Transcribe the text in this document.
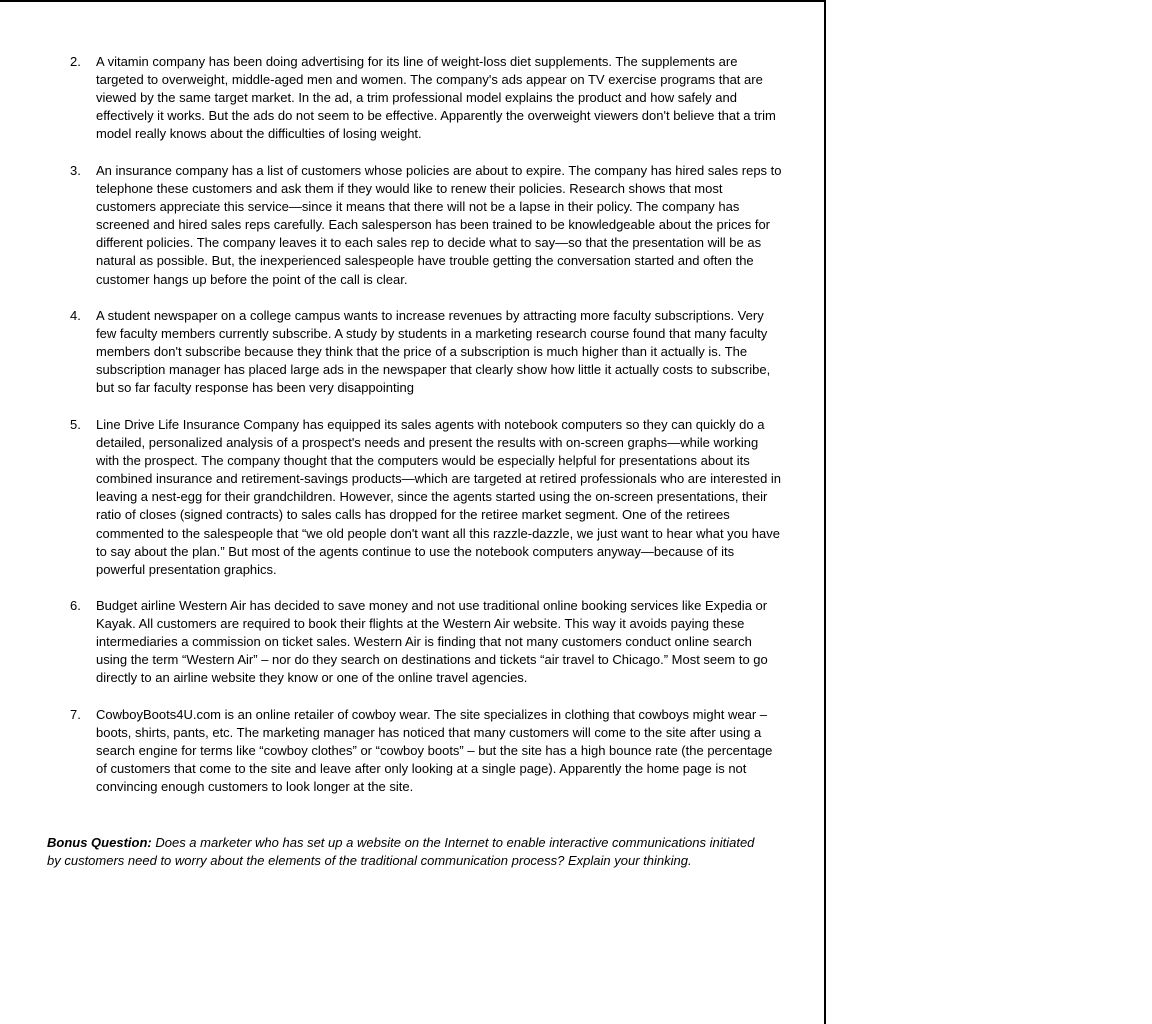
2.	A vitamin company has been doing advertising for its line of weight-loss diet supplements. The supplements are targeted to overweight, middle-aged men and women. The company's ads appear on TV exercise programs that are viewed by the same target market. In the ad, a trim professional model explains the product and how safely and effectively it works. But the ads do not seem to be effective. Apparently the overweight viewers don't believe that a trim model really knows about the difficulties of losing weight.
3.	An insurance company has a list of customers whose policies are about to expire. The company has hired sales reps to telephone these customers and ask them if they would like to renew their policies. Research shows that most customers appreciate this service—since it means that there will not be a lapse in their policy. The company has screened and hired sales reps carefully. Each salesperson has been trained to be knowledgeable about the prices for different policies. The company leaves it to each sales rep to decide what to say—so that the presentation will be as natural as possible. But, the inexperienced salespeople have trouble getting the conversation started and often the customer hangs up before the point of the call is clear.
4.	A student newspaper on a college campus wants to increase revenues by attracting more faculty subscriptions. Very few faculty members currently subscribe. A study by students in a marketing research course found that many faculty members don't subscribe because they think that the price of a subscription is much higher than it actually is. The subscription manager has placed large ads in the newspaper that clearly show how little it actually costs to subscribe, but so far faculty response has been very disappointing
5.	Line Drive Life Insurance Company has equipped its sales agents with notebook computers so they can quickly do a detailed, personalized analysis of a prospect's needs and present the results with on-screen graphs—while working with the prospect. The company thought that the computers would be especially helpful for presentations about its combined insurance and retirement-savings products—which are targeted at retired professionals who are interested in leaving a nest-egg for their grandchildren. However, since the agents started using the on-screen presentations, their ratio of closes (signed contracts) to sales calls has dropped for the retiree market segment. One of the retirees commented to the salespeople that “we old people don't want all this razzle-dazzle, we just want to hear what you have to say about the plan.” But most of the agents continue to use the notebook computers anyway—because of its powerful presentation graphics.
6.	Budget airline Western Air has decided to save money and not use traditional online booking services like Expedia or Kayak. All customers are required to book their flights at the Western Air website. This way it avoids paying these intermediaries a commission on ticket sales. Western Air is finding that not many customers conduct online search using the term “Western Air” – nor do they search on destinations and tickets “air travel to Chicago.” Most seem to go directly to an airline website they know or one of the online travel agencies.
7.	CowboyBoots4U.com is an online retailer of cowboy wear. The site specializes in clothing that cowboys might wear – boots, shirts, pants, etc. The marketing manager has noticed that many customers will come to the site after using a search engine for terms like “cowboy clothes” or “cowboy boots” – but the site has a high bounce rate (the percentage of customers that come to the site and leave after only looking at a single page). Apparently the home page is not convincing enough customers to look longer at the site.
Bonus Question: Does a marketer who has set up a website on the Internet to enable interactive communications initiated by customers need to worry about the elements of the traditional communication process? Explain your thinking.
